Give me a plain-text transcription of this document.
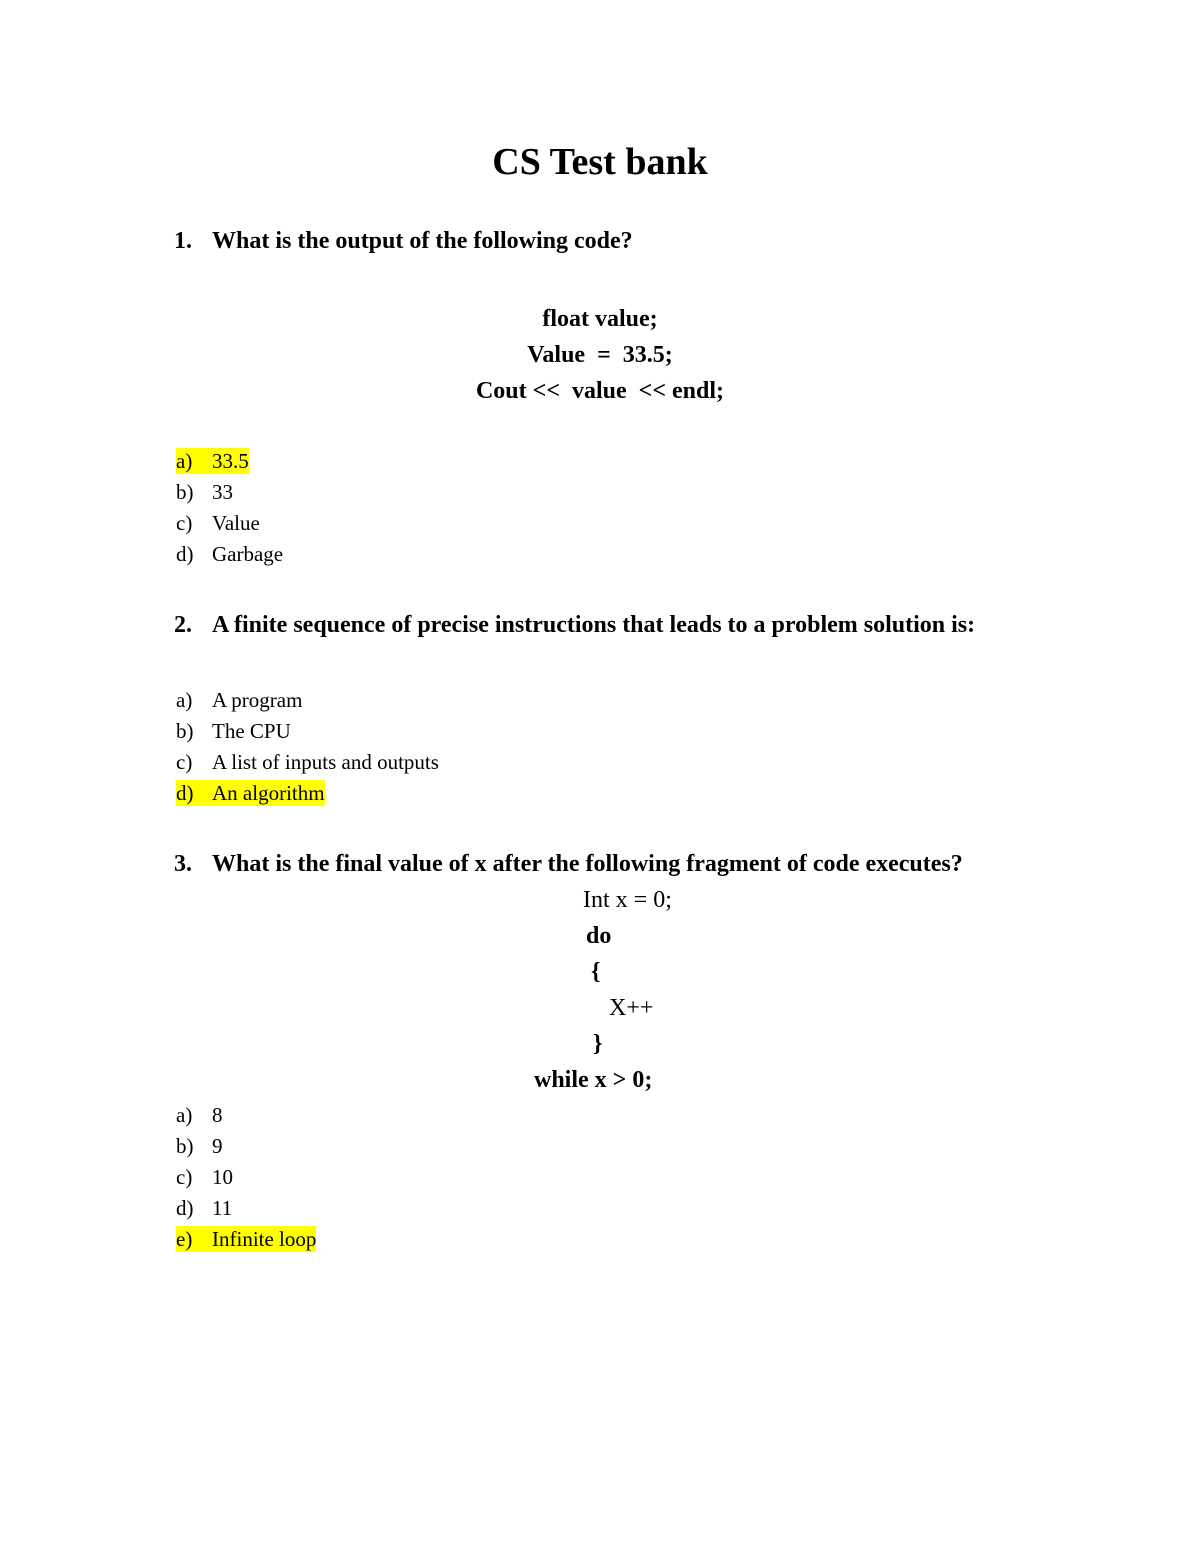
CS Test bank
1. What is the output of the following code?
float value;
Value  =  33.5;
Cout <<  value  << endl;
a) 33.5
b) 33
c) Value
d) Garbage
2. A finite sequence of precise instructions that leads to a problem solution is:
a) A program
b) The CPU
c) A list of inputs and outputs
d) An algorithm
3. What is the final value of x after the following fragment of code executes?
Int x = 0;
do
{
X++
}
while x > 0;
a) 8
b) 9
c) 10
d) 11
e) Infinite loop
